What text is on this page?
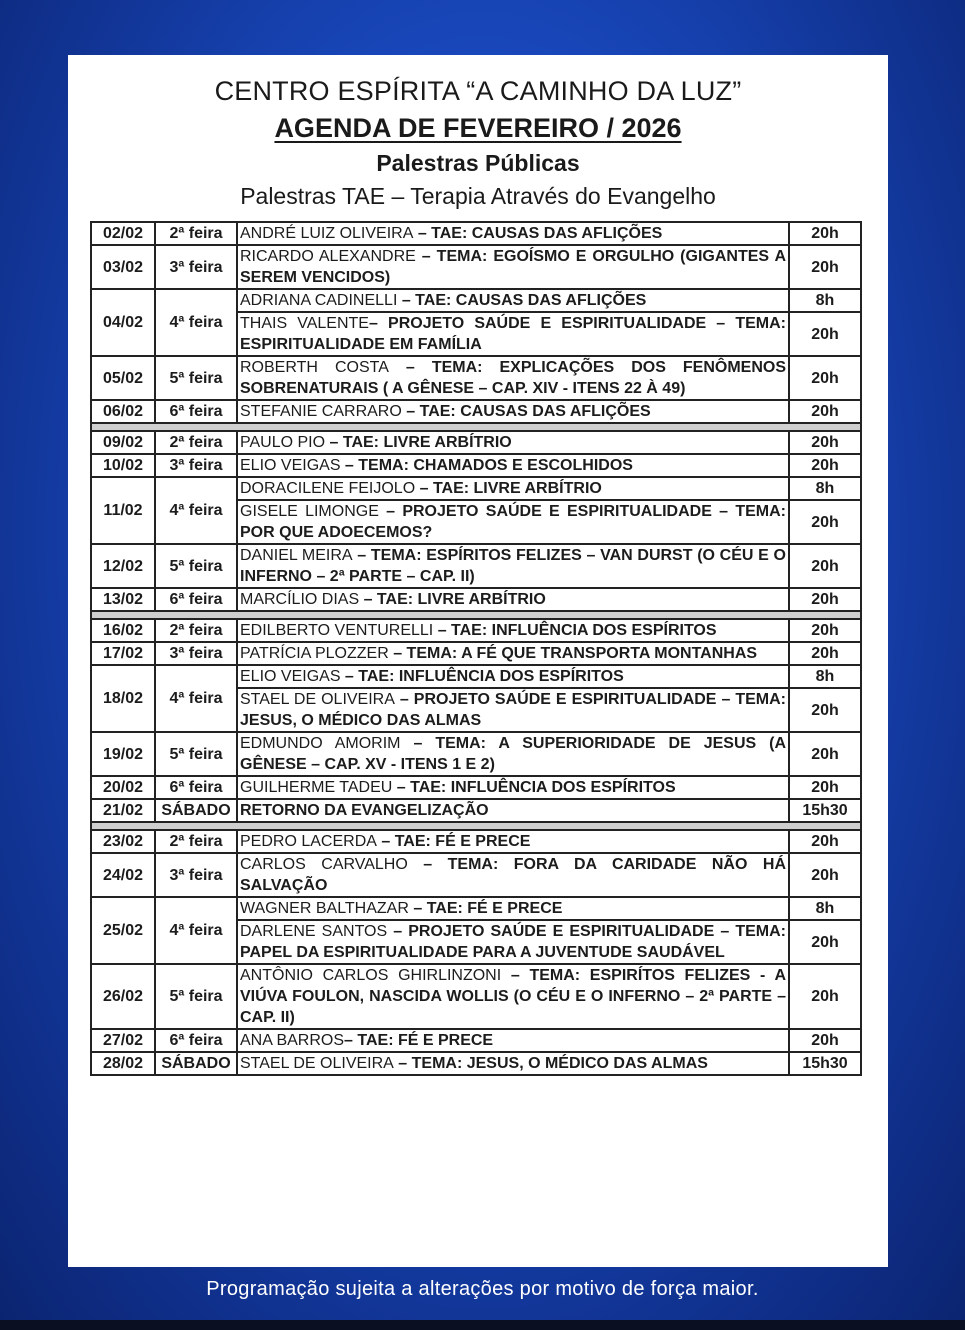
CENTRO ESPÍRITA “A CAMINHO DA LUZ”
AGENDA DE FEVEREIRO / 2026
Palestras Públicas
Palestras TAE – Terapia Através do Evangelho
02/02	2ª feira	ANDRÉ LUIZ OLIVEIRA – TAE: CAUSAS DAS AFLIÇÕES	20h
03/02	3ª feira	RICARDO ALEXANDRE – TEMA: EGOÍSMO E ORGULHO (GIGANTES A SEREM VENCIDOS)	20h
04/02	4ª feira	ADRIANA CADINELLI – TAE: CAUSAS DAS AFLIÇÕES	8h
		THAIS VALENTE– PROJETO SAÚDE E ESPIRITUALIDADE – TEMA: ESPIRITUALIDADE EM FAMÍLIA	20h
05/02	5ª feira	ROBERTH COSTA – TEMA: EXPLICAÇÕES DOS FENÔMENOS SOBRENATURAIS ( A GÊNESE – CAP. XIV - ITENS 22 À 49)	20h
06/02	6ª feira	STEFANIE CARRARO – TAE: CAUSAS DAS AFLIÇÕES	20h

09/02	2ª feira	PAULO PIO – TAE: LIVRE ARBÍTRIO	20h
10/02	3ª feira	ELIO VEIGAS – TEMA: CHAMADOS E ESCOLHIDOS	20h
11/02	4ª feira	DORACILENE FEIJOLO – TAE: LIVRE ARBÍTRIO	8h
		GISELE LIMONGE – PROJETO SAÚDE E ESPIRITUALIDADE – TEMA: POR QUE ADOECEMOS?	20h
12/02	5ª feira	DANIEL MEIRA – TEMA: ESPÍRITOS FELIZES – VAN DURST (O CÉU E O INFERNO – 2ª PARTE – CAP. II)	20h
13/02	6ª feira	MARCÍLIO DIAS – TAE: LIVRE ARBÍTRIO	20h

16/02	2ª feira	EDILBERTO VENTURELLI – TAE: INFLUÊNCIA DOS ESPÍRITOS	20h
17/02	3ª feira	PATRÍCIA PLOZZER – TEMA: A FÉ QUE TRANSPORTA MONTANHAS	20h
18/02	4ª feira	ELIO VEIGAS – TAE: INFLUÊNCIA DOS ESPÍRITOS	8h
		STAEL DE OLIVEIRA – PROJETO SAÚDE E ESPIRITUALIDADE – TEMA: JESUS, O MÉDICO DAS ALMAS	20h
19/02	5ª feira	EDMUNDO AMORIM – TEMA: A SUPERIORIDADE DE JESUS (A GÊNESE – CAP. XV - ITENS 1 E 2)	20h
20/02	6ª feira	GUILHERME TADEU – TAE: INFLUÊNCIA DOS ESPÍRITOS	20h
21/02	SÁBADO	RETORNO DA EVANGELIZAÇÃO	15h30

23/02	2ª feira	PEDRO LACERDA – TAE: FÉ E PRECE	20h
24/02	3ª feira	CARLOS CARVALHO – TEMA: FORA DA CARIDADE NÃO HÁ SALVAÇÃO	20h
25/02	4ª feira	WAGNER BALTHAZAR – TAE: FÉ E PRECE	8h
		DARLENE SANTOS – PROJETO SAÚDE E ESPIRITUALIDADE – TEMA: PAPEL DA ESPIRITUALIDADE PARA A JUVENTUDE SAUDÁVEL	20h
26/02	5ª feira	ANTÔNIO CARLOS GHIRLINZONI – TEMA: ESPIRÍTOS FELIZES - A VIÚVA FOULON, NASCIDA WOLLIS (O CÉU E O INFERNO – 2ª PARTE – CAP. II)	20h
27/02	6ª feira	ANA BARROS– TAE: FÉ E PRECE	20h
28/02	SÁBADO	STAEL DE OLIVEIRA – TEMA: JESUS, O MÉDICO DAS ALMAS	15h30
Programação sujeita a alterações por motivo de força maior.
